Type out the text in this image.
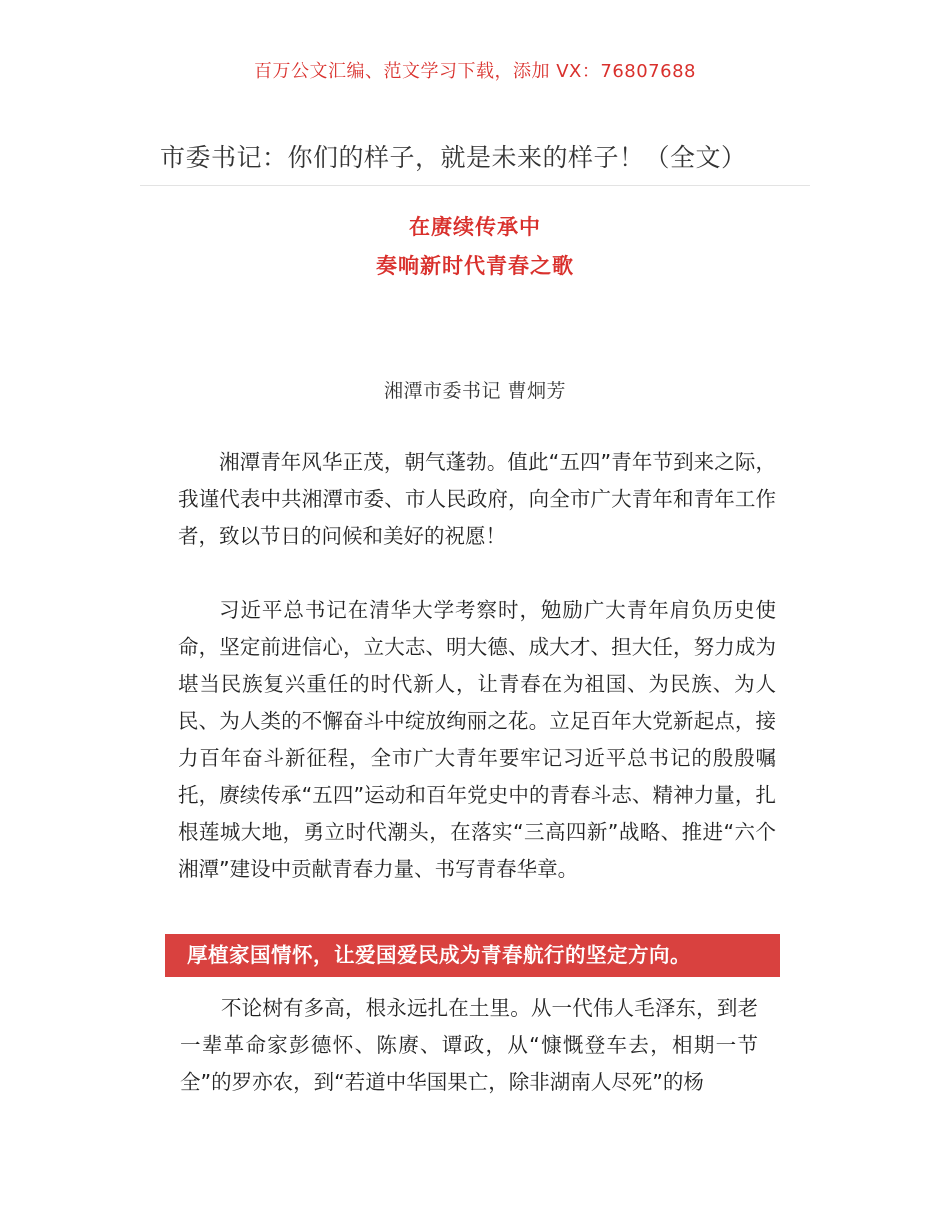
百万公文汇编、范文学习下载，添加 VX：76807688
市委书记：你们的样子，就是未来的样子！（全文）
在赓续传承中
奏响新时代青春之歌
湘潭市委书记 曹炯芳

湘潭青年风华正茂，朝气蓬勃。值此“五四”青年节到来之际，我谨代表中共湘潭市委、市人民政府，向全市广大青年和青年工作者，致以节日的问候和美好的祝愿！

习近平总书记在清华大学考察时，勉励广大青年肩负历史使命，坚定前进信心，立大志、明大德、成大才、担大任，努力成为堪当民族复兴重任的时代新人，让青春在为祖国、为民族、为人民、为人类的不懈奋斗中绽放绚丽之花。立足百年大党新起点，接力百年奋斗新征程，全市广大青年要牢记习近平总书记的殷殷嘱托，赓续传承“五四”运动和百年党史中的青春斗志、精神力量，扎根莲城大地，勇立时代潮头，在落实“三高四新”战略、推进“六个湘潭”建设中贡献青春力量、书写青春华章。

厚植家国情怀，让爱国爱民成为青春航行的坚定方向。

不论树有多高，根永远扎在土里。从一代伟人毛泽东，到老一辈革命家彭德怀、陈赓、谭政，从“慷慨登车去，相期一节全”的罗亦农，到“若道中华国果亡，除非湖南人尽死”的杨
